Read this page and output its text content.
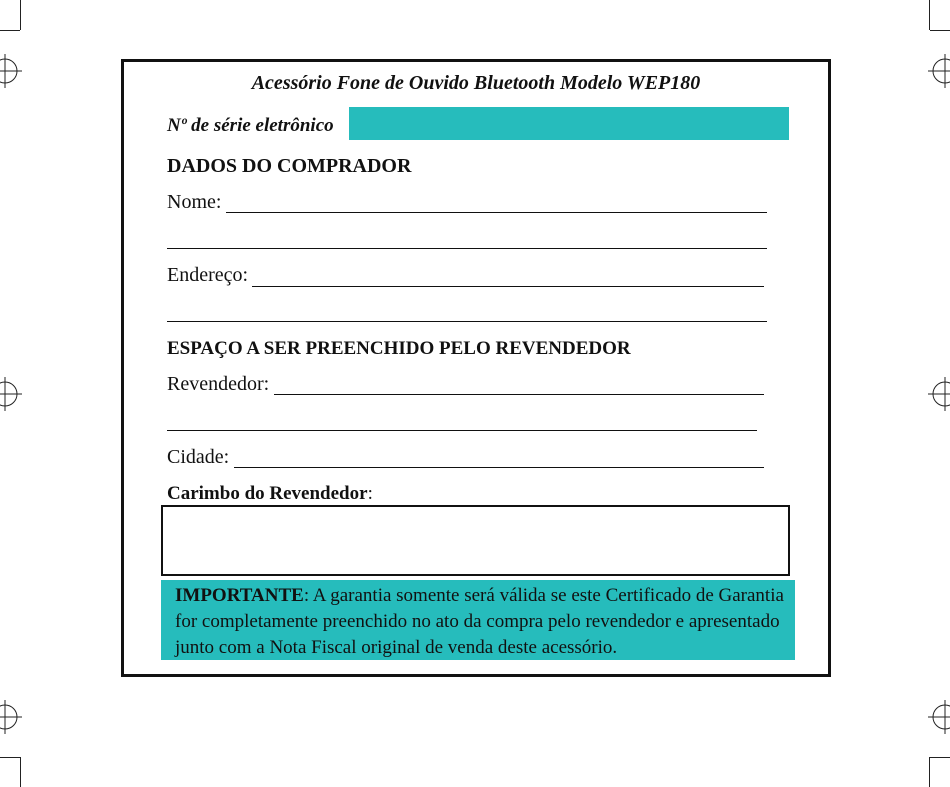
Acessório Fone de Ouvido Bluetooth Modelo WEP180
Nº de série eletrônico
DADOS DO COMPRADOR
Nome:
Endereço:
ESPAÇO A SER PREENCHIDO PELO REVENDEDOR
Revendedor:
Cidade:
Carimbo do Revendedor:
IMPORTANTE: A garantia somente será válida se este Certificado de Garantia for completamente preenchido no ato da compra pelo revendedor e apresentado junto com a Nota Fiscal original de venda deste acessório.
